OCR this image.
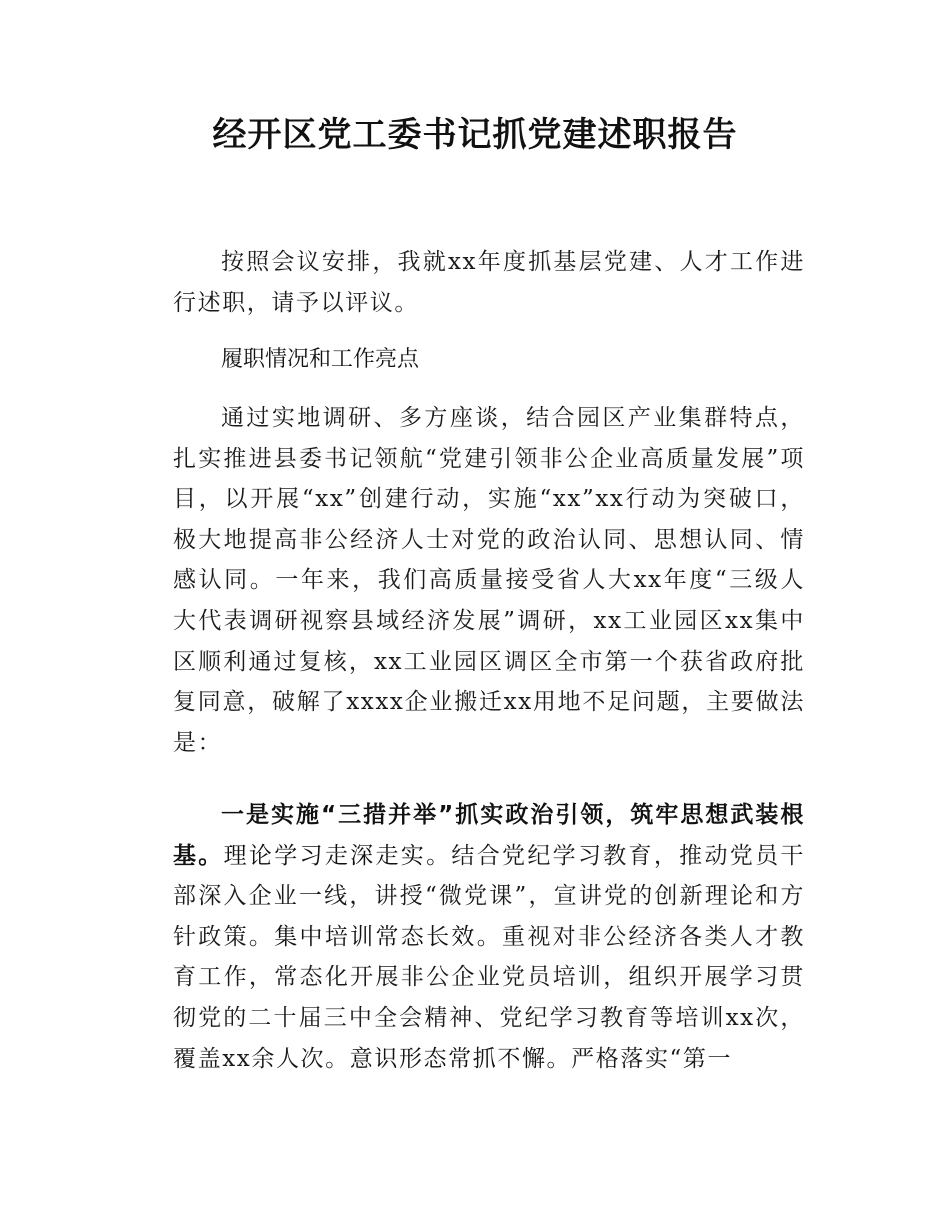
经开区党工委书记抓党建述职报告

按照会议安排，我就xx年度抓基层党建、人才工作进行述职，请予以评议。

履职情况和工作亮点

通过实地调研、多方座谈，结合园区产业集群特点，扎实推进县委书记领航“党建引领非公企业高质量发展”项目，以开展“xx”创建行动，实施“xx”xx行动为突破口，极大地提高非公经济人士对党的政治认同、思想认同、情感认同。一年来，我们高质量接受省人大xx年度“三级人大代表调研视察县域经济发展”调研，xx工业园区xx集中区顺利通过复核，xx工业园区调区全市第一个获省政府批复同意，破解了xxxx企业搬迁xx用地不足问题，主要做法是：

一是实施“三措并举”抓实政治引领，筑牢思想武装根基。理论学习走深走实。结合党纪学习教育，推动党员干部深入企业一线，讲授“微党课”，宣讲党的创新理论和方针政策。集中培训常态长效。重视对非公经济各类人才教育工作，常态化开展非公企业党员培训，组织开展学习贯彻党的二十届三中全会精神、党纪学习教育等培训xx次，覆盖xx余人次。意识形态常抓不懈。严格落实“第一
